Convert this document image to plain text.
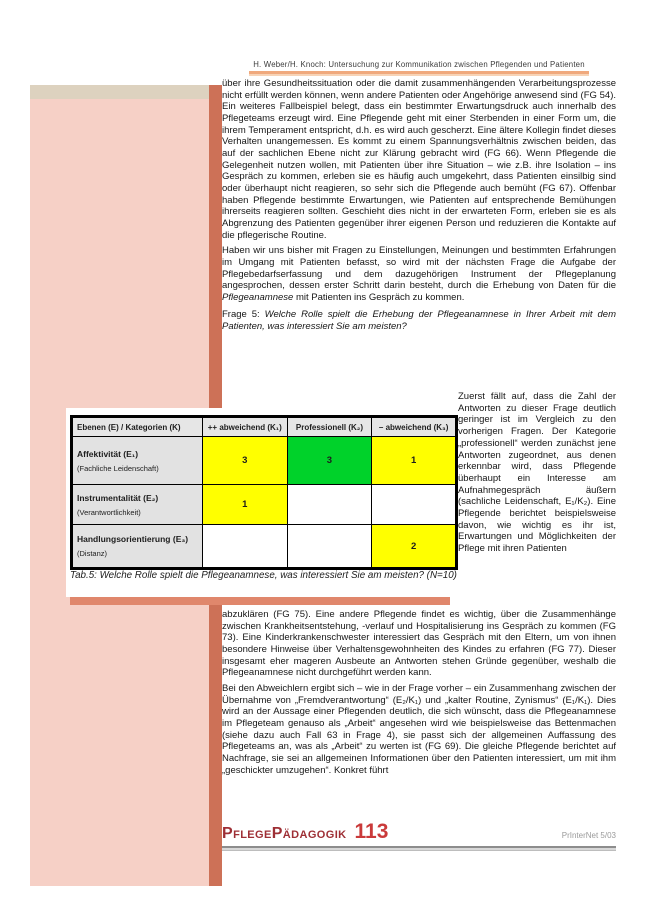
H. Weber/H. Knoch: Untersuchung zur Kommunikation zwischen Pflegenden und Patienten

über ihre Gesundheitssituation oder die damit zusammenhängenden Verarbeitungsprozesse nicht erfüllt werden können, wenn andere Patienten oder Angehörige anwesend sind (FG 54). Ein weiteres Fallbeispiel belegt, dass ein bestimmter Erwartungsdruck auch innerhalb des Pflegeteams erzeugt wird. Eine Pflegende geht mit einer Sterbenden in einer Form um, die ihrem Temperament entspricht, d.h. es wird auch gescherzt. Eine ältere Kollegin findet dieses Verhalten unangemessen. Es kommt zu einem Spannungsverhältnis zwischen beiden, das auf der sachlichen Ebene nicht zur Klärung gebracht wird (FG 66). Wenn Pflegende die Gelegenheit nutzen wollen, mit Patienten über ihre Situation – wie z.B. ihre Isolation – ins Gespräch zu kommen, erleben sie es häufig auch umgekehrt, dass Patienten einsilbig sind oder überhaupt nicht reagieren, so sehr sich die Pflegende auch bemüht (FG 67). Offenbar haben Pflegende bestimmte Erwartungen, wie Patienten auf entsprechende Bemühungen ihrerseits reagieren sollten. Geschieht dies nicht in der erwarteten Form, erleben sie es als Abgrenzung des Patienten gegenüber ihrer eigenen Person und reduzieren die Kontakte auf die pflegerische Routine.

Haben wir uns bisher mit Fragen zu Einstellungen, Meinungen und bestimmten Erfahrungen im Umgang mit Patienten befasst, so wird mit der nächsten Frage die Aufgabe der Pflegebedarfserfassung und dem dazugehörigen Instrument der Pflegeplanung angesprochen, dessen erster Schritt darin besteht, durch die Erhebung von Daten für die Pflegeanamnese mit Patienten ins Gespräch zu kommen.

Frage 5: Welche Rolle spielt die Erhebung der Pflegeanamnese in Ihrer Arbeit mit dem Patienten, was interessiert Sie am meisten?

Ebenen (E) / Kategorien (K)	++ abweichend (K₁)	Professionell (K₂)	– abweichend (K₃)

Affektivität (E₁)
(Fachliche Leidenschaft)	3	3	1

Instrumentalität (E₂)
(Verantwortlichkeit)	1		

Handlungsorientierung (E₃)
(Distanz)			2
Tab.5: Welche Rolle spielt die Pflegeanamnese, was interessiert Sie am meisten? (N=10)
Zuerst fällt auf, dass die Zahl der Antworten zu dieser Frage deutlich geringer ist im Vergleich zu den vorherigen Fragen. Der Kategorie „professionell“ werden zunächst jene Antworten zugeordnet, aus denen erkennbar wird, dass Pflegende überhaupt ein Interesse am Aufnahmegespräch äußern (sachliche Leidenschaft, E₁/K₂). Eine Pflegende berichtet beispielsweise davon, wie wichtig es ihr ist, Erwartungen und Möglichkeiten der Pflege mit ihren Patienten

abzuklären (FG 75). Eine andere Pflegende findet es wichtig, über die Zusammenhänge zwischen Krankheitsentstehung, -verlauf und Hospitalisierung ins Gespräch zu kommen (FG 73). Eine Kinderkrankenschwester interessiert das Gespräch mit den Eltern, um von ihnen besondere Hinweise über Verhaltensgewohnheiten des Kindes zu erfahren (FG 77). Dieser insgesamt eher mageren Ausbeute an Antworten stehen Gründe gegenüber, weshalb die Pflegeanamnese nicht durchgeführt werden kann.

Bei den Abweichlern ergibt sich – wie in der Frage vorher – ein Zusammenhang zwischen der Übernahme von „Fremdverantwortung“ (E₂/K₁) und „kalter Routine, Zynismus“ (E₁/K₁). Dies wird an der Aussage einer Pflegenden deutlich, die sich wünscht, dass die Pflegeanamnese im Pflegeteam genauso als „Arbeit“ angesehen wird wie beispielsweise das Bettenmachen (siehe dazu auch Fall 63 in Frage 4), sie passt sich der allgemeinen Auffassung des Pflegeteams an, was als „Arbeit“ zu werten ist (FG 69). Die gleiche Pflegende berichtet auf Nachfrage, sie sei an allgemeinen Informationen über den Patienten interessiert, um mit ihm „geschickter umzugehen“. Konkret führt

PflegePädagogik 113	PrInterNet 5/03
